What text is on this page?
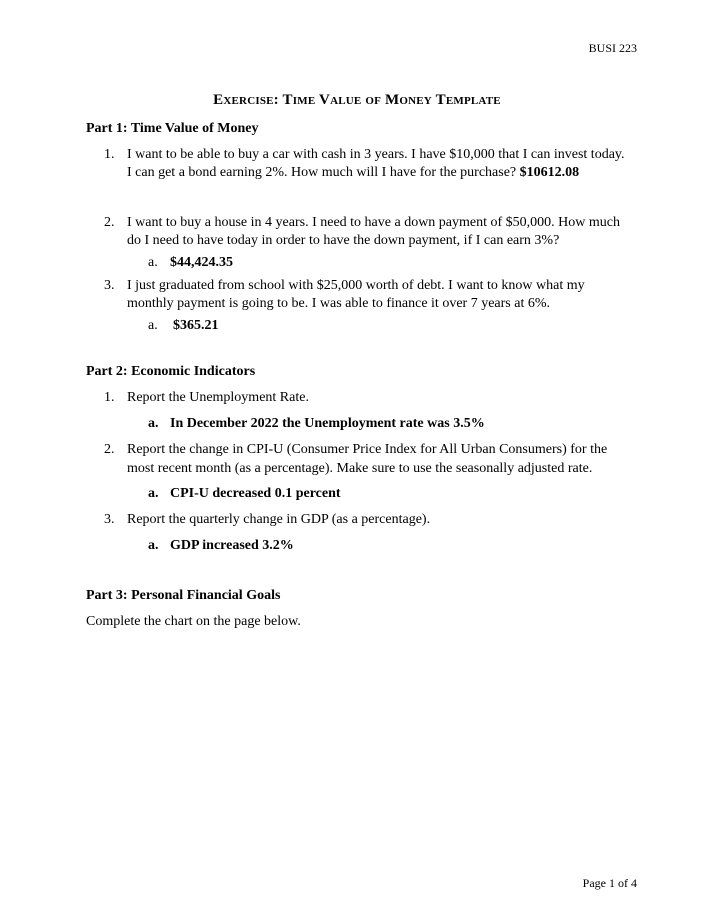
BUSI 223
Exercise: Time Value of Money Template
Part 1: Time Value of Money
1. I want to be able to buy a car with cash in 3 years. I have $10,000 that I can invest today.
I can get a bond earning 2%. How much will I have for the purchase? $10612.08
2. I want to buy a house in 4 years. I need to have a down payment of $50,000. How much
do I need to have today in order to have the down payment, if I can earn 3%?
a. $44,424.35
3. I just graduated from school with $25,000 worth of debt. I want to know what my
monthly payment is going to be. I was able to finance it over 7 years at 6%.
a. $365.21
Part 2: Economic Indicators
1. Report the Unemployment Rate.
a. In December 2022 the Unemployment rate was 3.5%
2. Report the change in CPI-U (Consumer Price Index for All Urban Consumers) for the
most recent month (as a percentage). Make sure to use the seasonally adjusted rate.
a. CPI-U decreased 0.1 percent
3. Report the quarterly change in GDP (as a percentage).
a. GDP increased 3.2%
Part 3: Personal Financial Goals
Complete the chart on the page below.
Page 1 of 4
